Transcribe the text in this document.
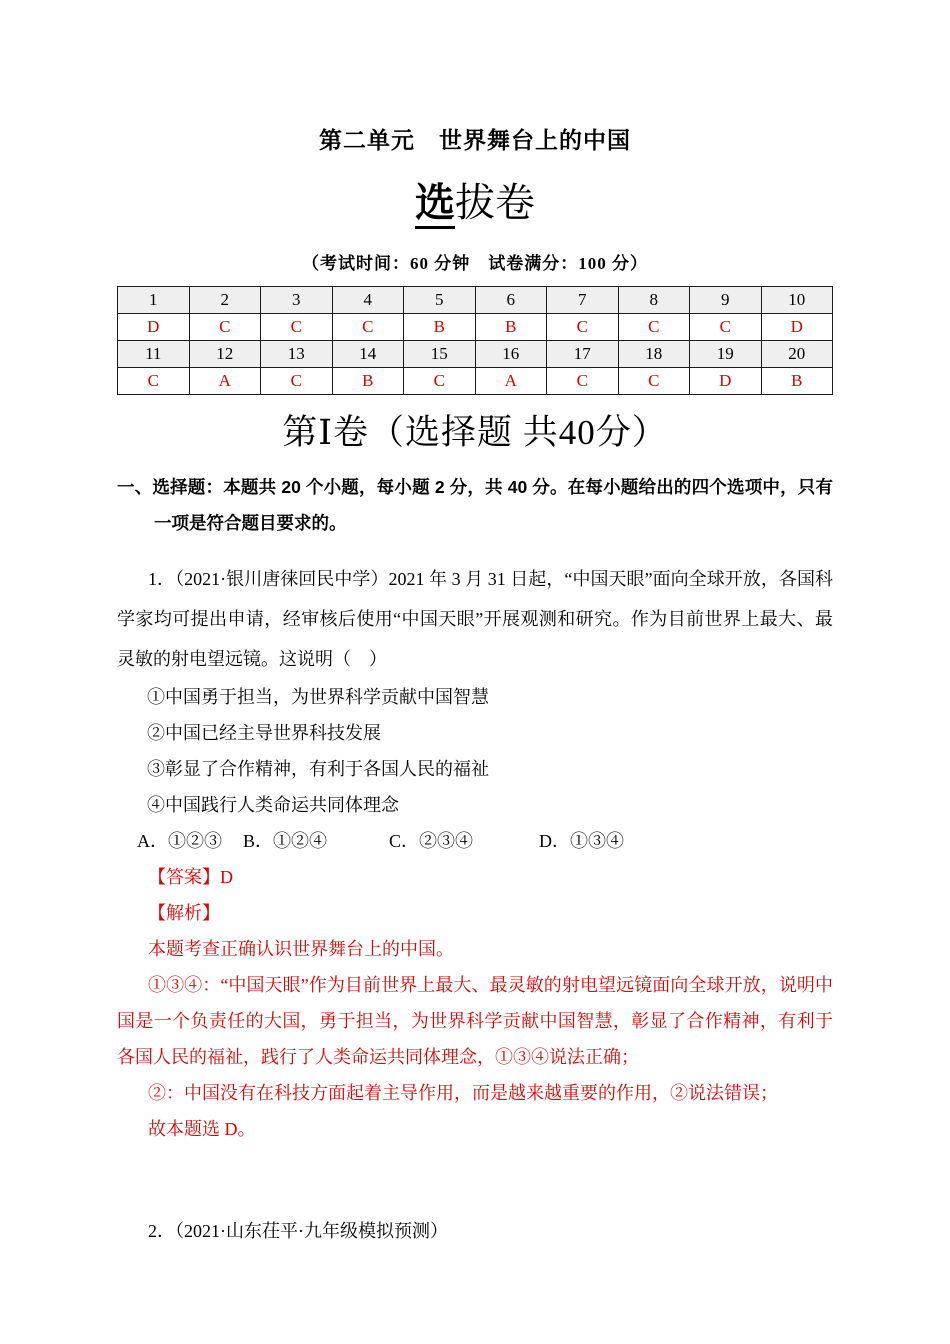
第二单元　世界舞台上的中国
选拔卷
（考试时间：60 分钟　试卷满分：100 分）
1	2	3	4	5	6	7	8	9	10
D	C	C	C	B	B	C	C	C	D
11	12	13	14	15	16	17	18	19	20
C	A	C	B	C	A	C	C	D	B
第Ⅰ卷（选择题 共40分）

一、选择题：本题共 20 个小题，每小题 2 分，共 40 分。在每小题给出的四个选项中，只有一项是符合题目要求的。

1．（2021·银川唐徕回民中学）2021 年 3 月 31 日起，“中国天眼”面向全球开放，各国科学家均可提出申请，经审核后使用“中国天眼”开展观测和研究。作为目前世界上最大、最灵敏的射电望远镜。这说明（　）

①中国勇于担当，为世界科学贡献中国智慧

②中国已经主导世界科技发展

③彰显了合作精神，有利于各国人民的福祉

④中国践行人类命运共同体理念

A．①②③	B．①②④	C．②③④	D．①③④

【答案】D

【解析】

本题考查正确认识世界舞台上的中国。

①③④：“中国天眼”作为目前世界上最大、最灵敏的射电望远镜面向全球开放，说明中国是一个负责任的大国，勇于担当，为世界科学贡献中国智慧，彰显了合作精神，有利于各国人民的福祉，践行了人类命运共同体理念，①③④说法正确；

②：中国没有在科技方面起着主导作用，而是越来越重要的作用，②说法错误；

故本题选 D。

2．（2021·山东茌平·九年级模拟预测）
